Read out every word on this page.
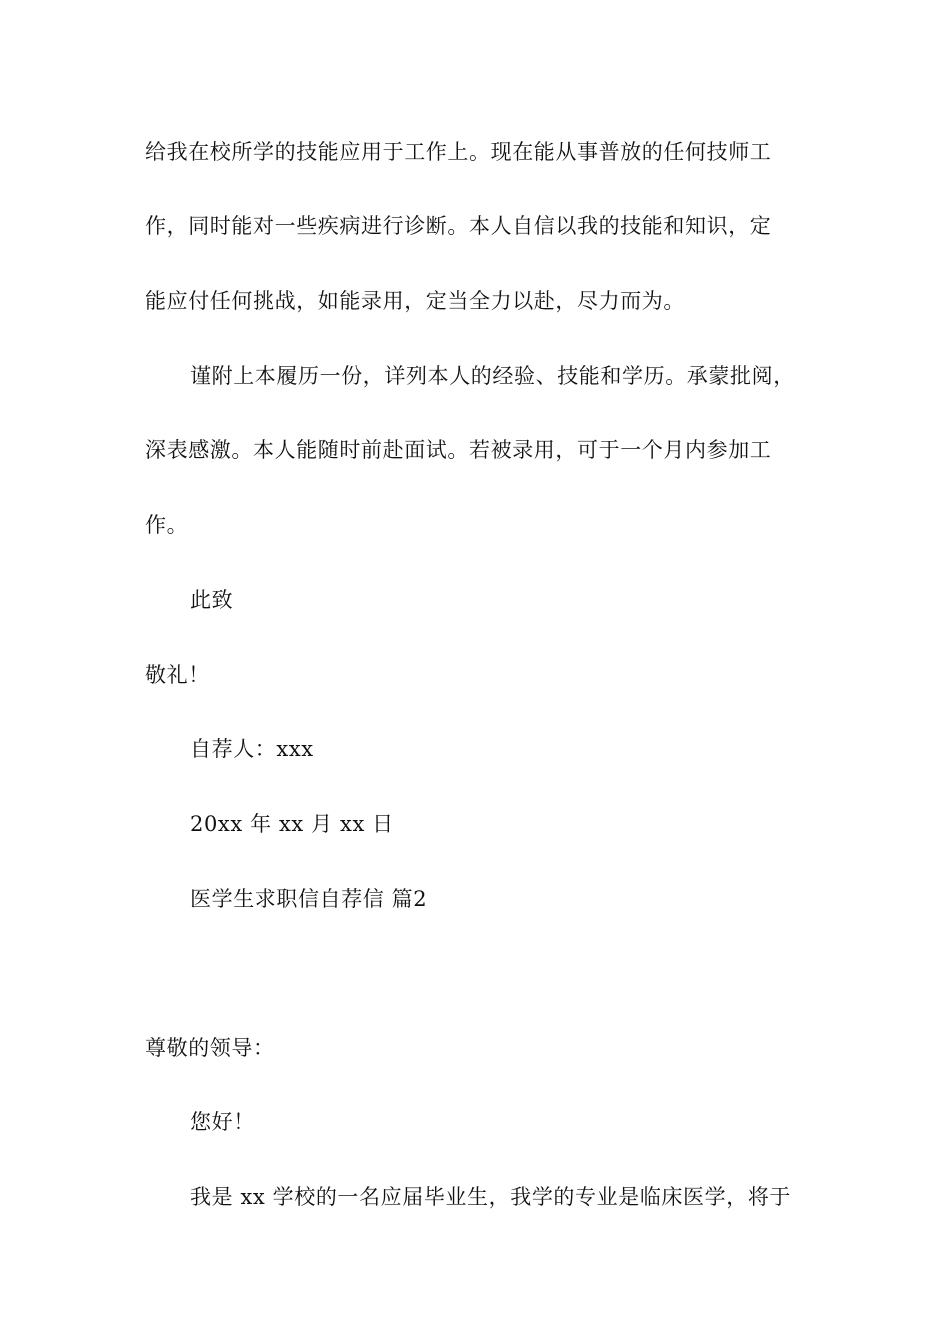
给我在校所学的技能应用于工作上。现在能从事普放的任何技师工
作，同时能对一些疾病进行诊断。本人自信以我的技能和知识，定
能应付任何挑战，如能录用，定当全力以赴，尽力而为。
谨附上本履历一份，详列本人的经验、技能和学历。承蒙批阅，
深表感激。本人能随时前赴面试。若被录用，可于一个月内参加工
作。
此致
敬礼！
自荐人：xxx
20xx 年 xx 月 xx 日
医学生求职信自荐信 篇2
尊敬的领导：
您好！
我是 xx 学校的一名应届毕业生，我学的专业是临床医学，将于
